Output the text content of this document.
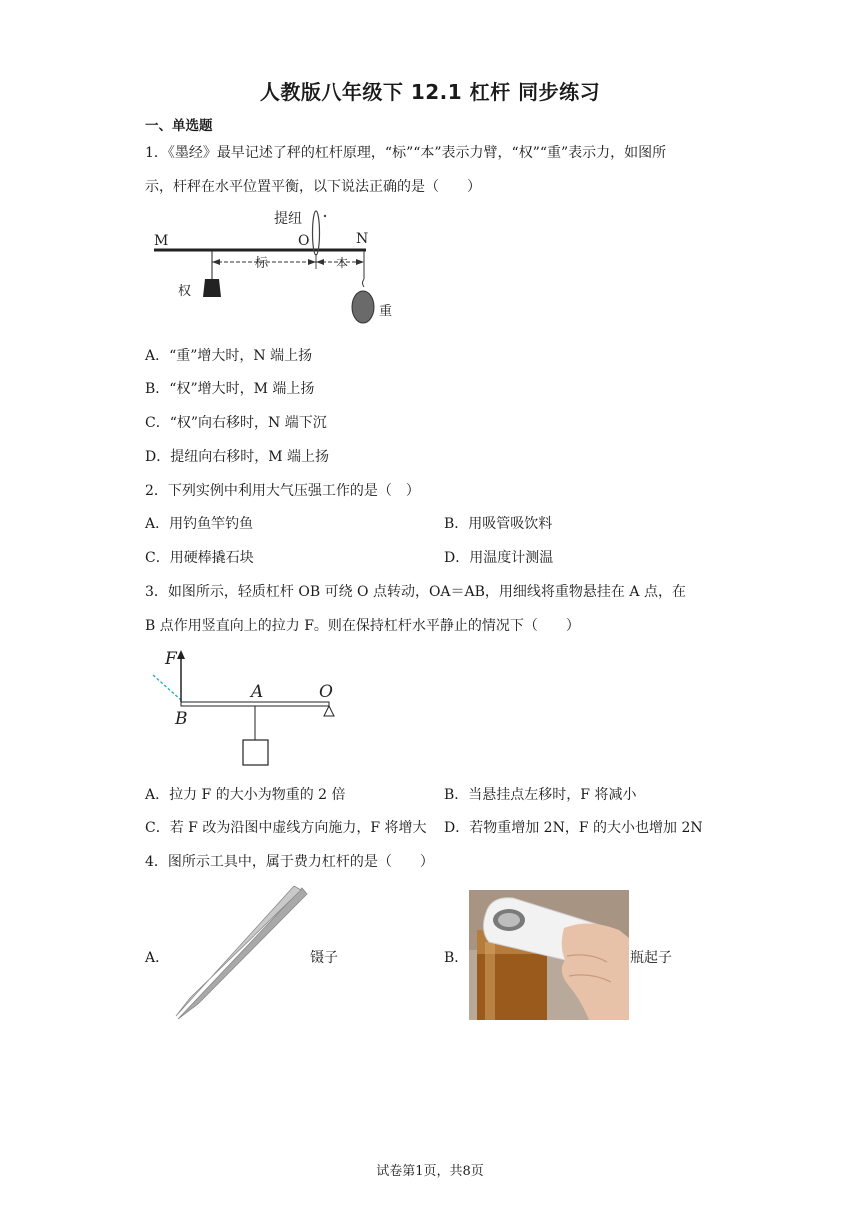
人教版八年级下 12.1 杠杆 同步练习
一、单选题
1．《墨经》最早记述了秤的杠杆原理，“标”“本”表示力臂，“权”“重”表示力，如图所
示，杆秤在水平位置平衡，以下说法正确的是（　　）
M	O	N
提纽
标	本
权
重
A．“重”增大时，N 端上扬
B．“权”增大时，M 端上扬
C．“权”向右移时，N 端下沉
D．提纽向右移时，M 端上扬
2．下列实例中利用大气压强工作的是（　）
A．用钓鱼竿钓鱼	B．用吸管吸饮料
C．用硬棒撬石块	D．用温度计测温
3．如图所示，轻质杠杆 OB 可绕 O 点转动，OA＝AB，用细线将重物悬挂在 A 点，在
B 点作用竖直向上的拉力 F。则在保持杠杆水平静止的情况下（　　）
F
A	O
B
A．拉力 F 的大小为物重的 2 倍	B．当悬挂点左移时，F 将减小
C．若 F 改为沿图中虚线方向施力，F 将增大 D．若物重增加 2N，F 的大小也增加 2N
4．图所示工具中，属于费力杠杆的是（　　）
A．	镊子	B．	瓶起子
试卷第1页，共8页
